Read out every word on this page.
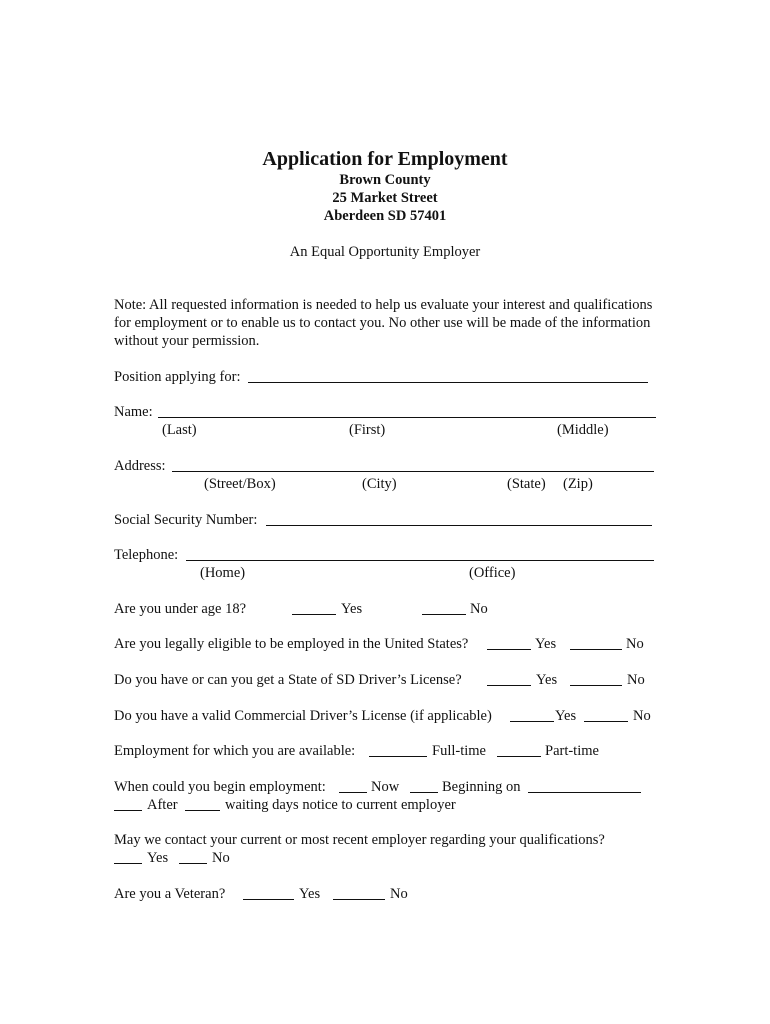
Application for Employment
Brown County
25 Market Street
Aberdeen SD 57401
An Equal Opportunity Employer
Note: All requested information is needed to help us evaluate your interest and qualifications for employment or to enable us to contact you. No other use will be made of the information without your permission.
Position applying for:
Name:
(Last)	(First)	(Middle)
Address:
(Street/Box)	(City)	(State) (Zip)
Social Security Number:
Telephone:
(Home)	(Office)
Are you under age 18?	Yes	No
Are you legally eligible to be employed in the United States?	Yes	No
Do you have or can you get a State of SD Driver’s License?	Yes	No
Do you have a valid Commercial Driver’s License (if applicable)	Yes	No
Employment for which you are available:	Full-time	Part-time
When could you begin employment:	Now	Beginning on
After	waiting days notice to current employer
May we contact your current or most recent employer regarding your qualifications?
Yes	No
Are you a Veteran?	Yes	No
